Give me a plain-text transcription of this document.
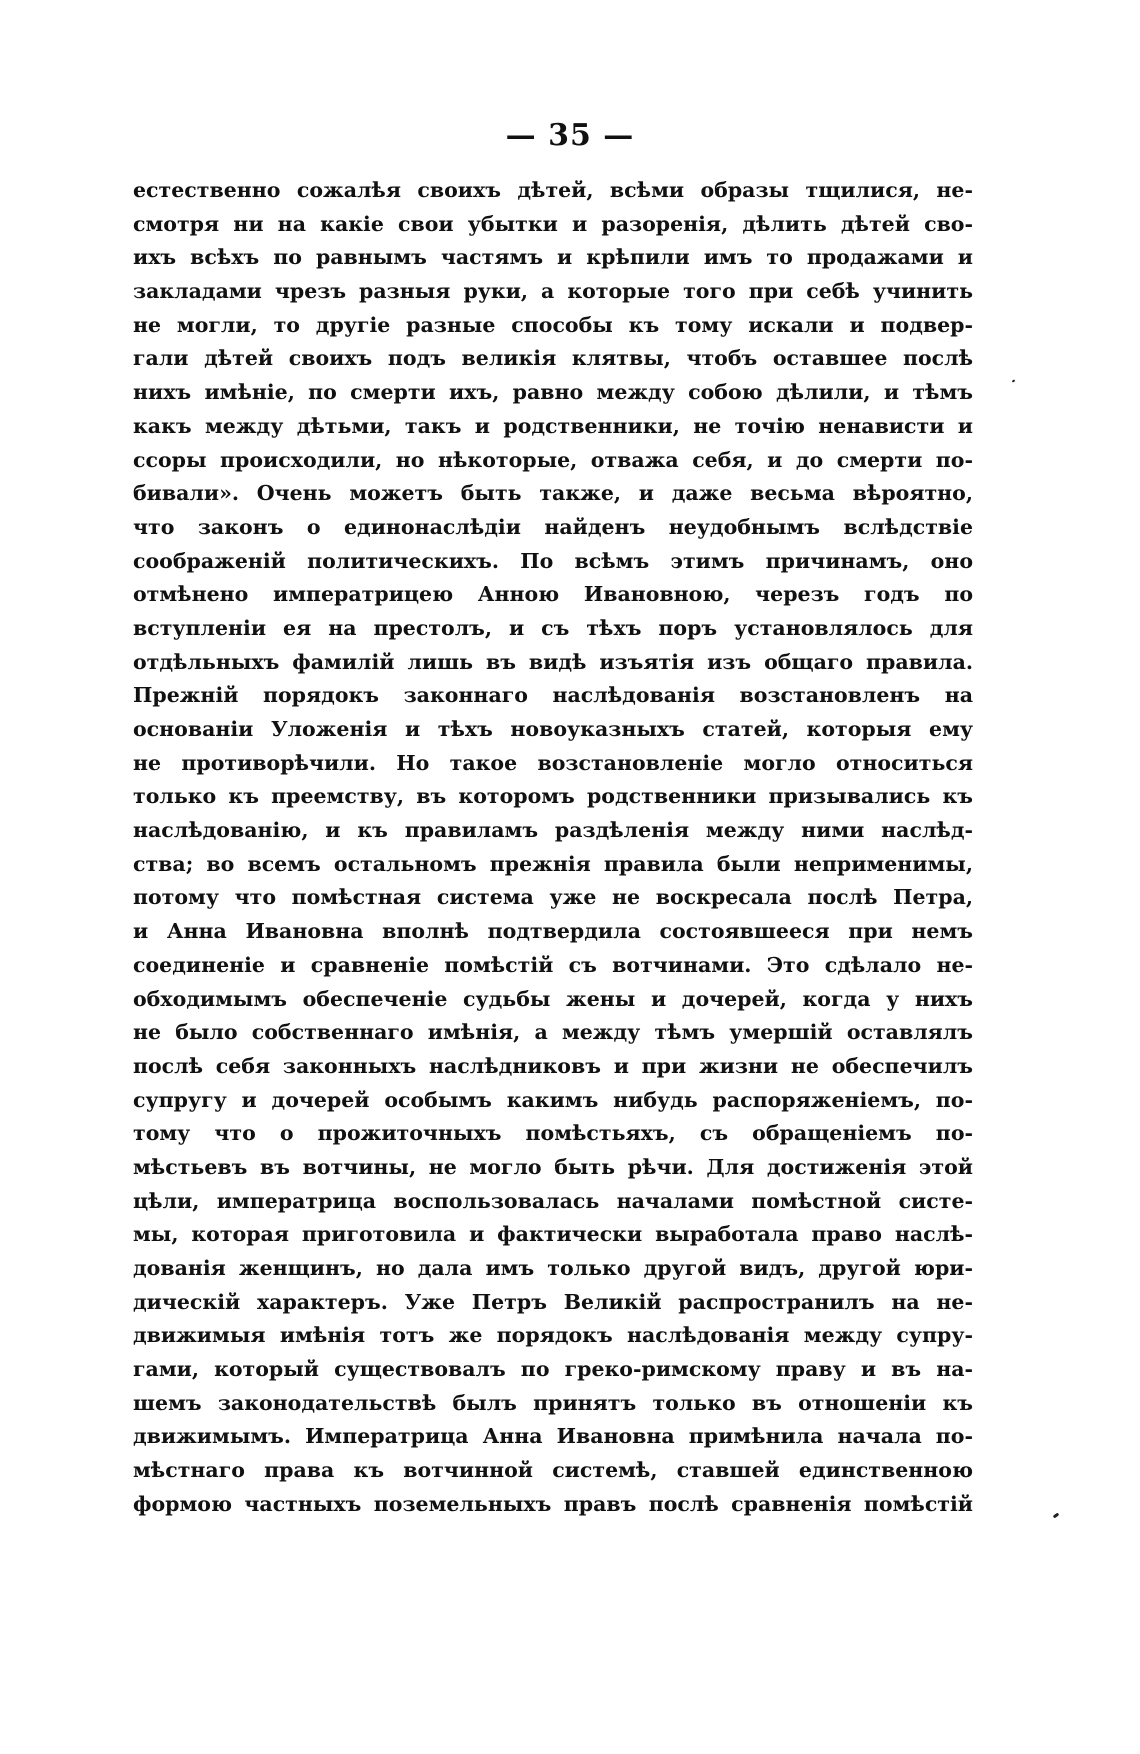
— 35 —
естественно сожалѣя своихъ дѣтей, всѣми образы тщилися, не-
смотря ни на какіе свои убытки и разоренія, дѣлить дѣтей сво-
ихъ всѣхъ по равнымъ частямъ и крѣпили имъ то продажами и
закладами чрезъ разныя руки, а которые того при себѣ учинить
не могли, то другіе разные способы къ тому искали и подвер-
гали дѣтей своихъ подъ великія клятвы, чтобъ оставшее послѣ
нихъ имѣніе, по смерти ихъ, равно между собою дѣлили, и тѣмъ
какъ между дѣтьми, такъ и родственники, не точію ненависти и
ссоры происходили, но нѣкоторые, отважа себя, и до смерти по-
бивали». Очень можетъ быть также, и даже весьма вѣроятно,
что законъ о единонаслѣдіи найденъ неудобнымъ вслѣдствіе
соображеній политическихъ. По всѣмъ этимъ причинамъ, оно
отмѣнено императрицею Анною Ивановною, черезъ годъ по
вступленіи ея на престолъ, и съ тѣхъ поръ установлялось для
отдѣльныхъ фамилій лишь въ видѣ изъятія изъ общаго правила.
Прежній порядокъ законнаго наслѣдованія возстановленъ на
основаніи Уложенія и тѣхъ новоуказныхъ статей, которыя ему
не противорѣчили. Но такое возстановленіе могло относиться
только къ преемству, въ которомъ родственники призывались къ
наслѣдованію, и къ правиламъ раздѣленія между ними наслѣд-
ства; во всемъ остальномъ прежнія правила были неприменимы,
потому что помѣстная система уже не воскресала послѣ Петра,
и Анна Ивановна вполнѣ подтвердила состоявшееся при немъ
соединеніе и сравненіе помѣстій съ вотчинами. Это сдѣлало не-
обходимымъ обеспеченіе судьбы жены и дочерей, когда у нихъ
не было собственнаго имѣнія, а между тѣмъ умершій оставлялъ
послѣ себя законныхъ наслѣдниковъ и при жизни не обеспечилъ
супругу и дочерей особымъ какимъ нибудь распоряженіемъ, по-
тому что о прожиточныхъ помѣстьяхъ, съ обращеніемъ по-
мѣстьевъ въ вотчины, не могло быть рѣчи. Для достиженія этой
цѣли, императрица воспользовалась началами помѣстной систе-
мы, которая приготовила и фактически выработала право наслѣ-
дованія женщинъ, но дала имъ только другой видъ, другой юри-
дическій характеръ. Уже Петръ Великій распространилъ на не-
движимыя имѣнія тотъ же порядокъ наслѣдованія между супру-
гами, который существовалъ по греко-римскому праву и въ на-
шемъ законодательствѣ былъ принятъ только въ отношеніи къ
движимымъ. Императрица Анна Ивановна примѣнила начала по-
мѣстнаго права къ вотчинной системѣ, ставшей единственною
формою частныхъ поземельныхъ правъ послѣ сравненія помѣстій
